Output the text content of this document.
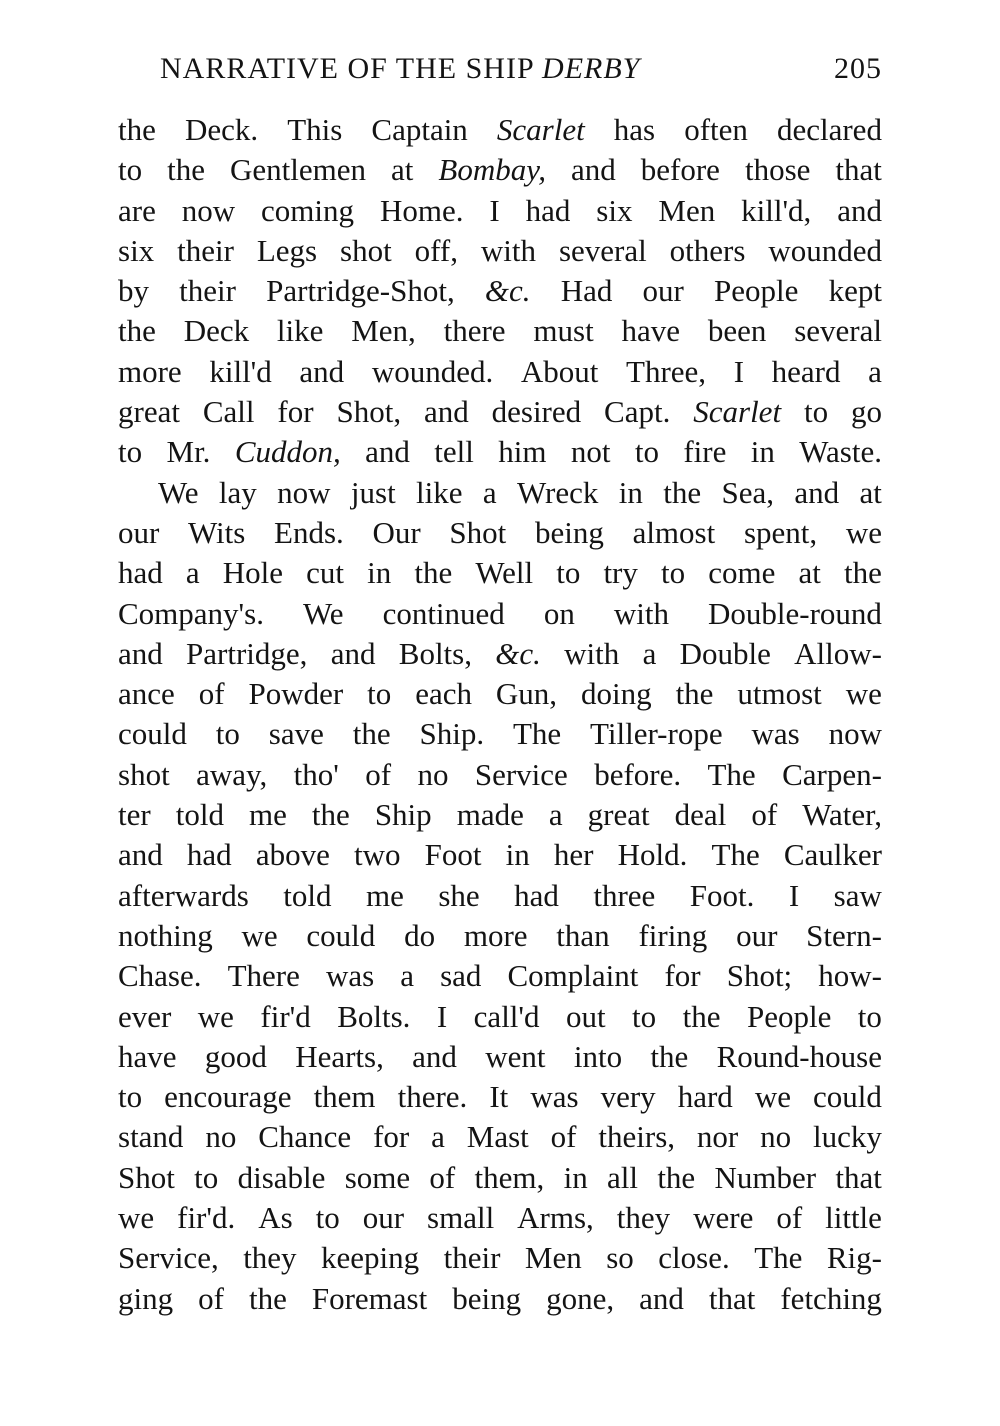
NARRATIVE OF THE SHIP DERBY	205
the Deck. This Captain Scarlet has often declared
to the Gentlemen at Bombay, and before those that
are now coming Home. I had six Men kill'd, and
six their Legs shot off, with several others wounded
by their Partridge-Shot, &c. Had our People kept
the Deck like Men, there must have been several
more kill'd and wounded. About Three, I heard a
great Call for Shot, and desired Capt. Scarlet to go
to Mr. Cuddon, and tell him not to fire in Waste.
We lay now just like a Wreck in the Sea, and at
our Wits Ends. Our Shot being almost spent, we
had a Hole cut in the Well to try to come at the
Company's. We continued on with Double-round
and Partridge, and Bolts, &c. with a Double Allow-
ance of Powder to each Gun, doing the utmost we
could to save the Ship. The Tiller-rope was now
shot away, tho' of no Service before. The Carpen-
ter told me the Ship made a great deal of Water,
and had above two Foot in her Hold. The Caulker
afterwards told me she had three Foot. I saw
nothing we could do more than firing our Stern-
Chase. There was a sad Complaint for Shot; how-
ever we fir'd Bolts. I call'd out to the People to
have good Hearts, and went into the Round-house
to encourage them there. It was very hard we could
stand no Chance for a Mast of theirs, nor no lucky
Shot to disable some of them, in all the Number that
we fir'd. As to our small Arms, they were of little
Service, they keeping their Men so close. The Rig-
ging of the Foremast being gone, and that fetching
